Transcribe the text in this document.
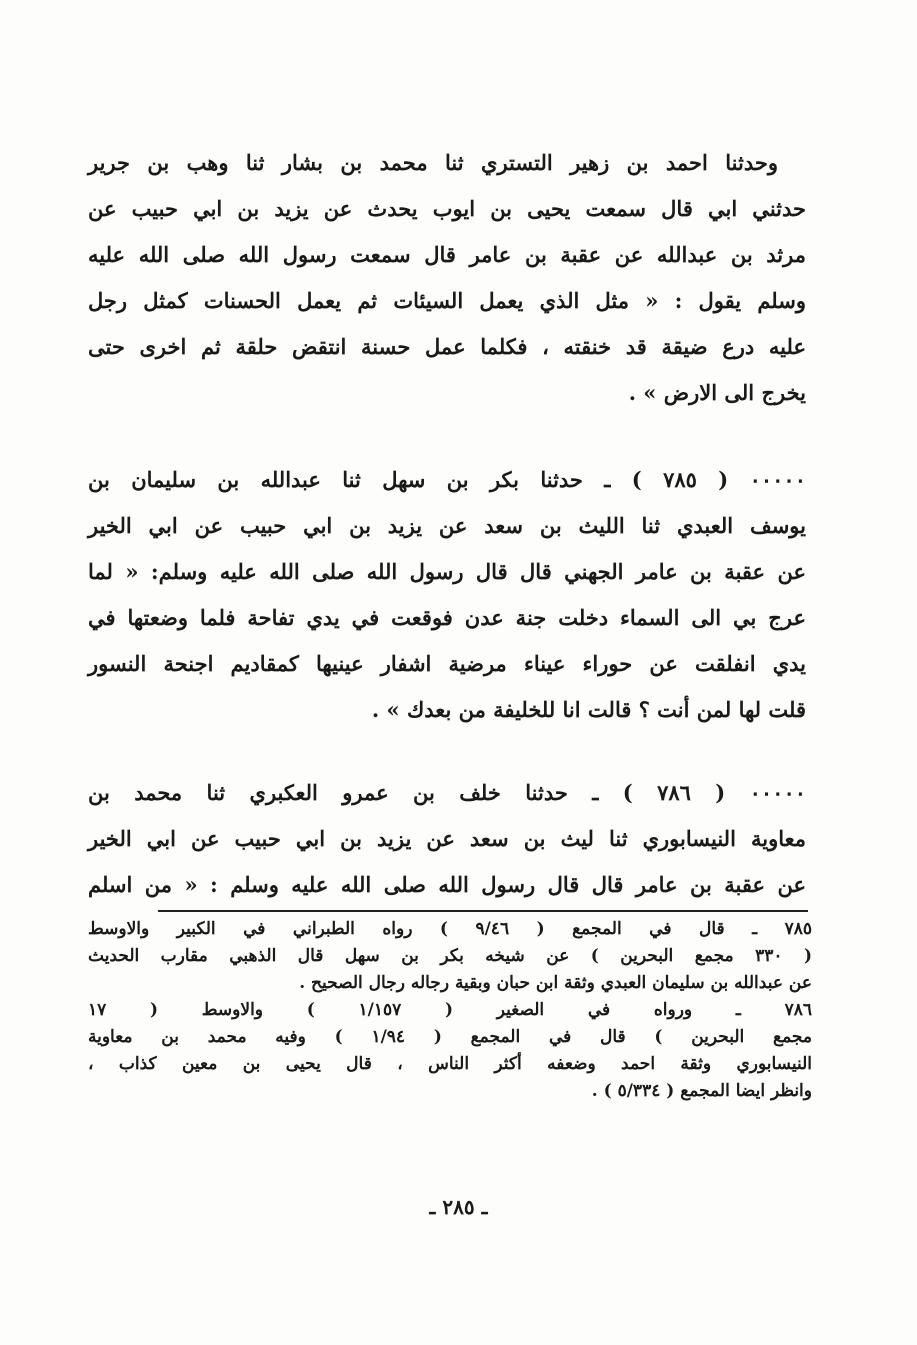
وحدثنا احمد بن زهير التستري ثنا محمد بن بشار ثنا وهب بن جرير
حدثني ابي قال سمعت يحيى بن ايوب يحدث عن يزيد بن ابي حبيب عن
مرثد بن عبدالله عن عقبة بن عامر قال سمعت رسول الله صلى الله عليه
وسلم يقول : « مثل الذي يعمل السيئات ثم يعمل الحسنات كمثل رجل
عليه درع ضيقة قد خنقته ، فكلما عمل حسنة انتقض حلقة ثم اخرى حتى
يخرج الى الارض » .
٠٠٠٠٠ ( ٧٨٥ ) ـ حدثنا بكر بن سهل ثنا عبدالله بن سليمان بن
يوسف العبدي ثنا الليث بن سعد عن يزيد بن ابي حبيب عن ابي الخير
عن عقبة بن عامر الجهني قال قال رسول الله صلى الله عليه وسلم: « لما
عرج بي الى السماء دخلت جنة عدن فوقعت في يدي تفاحة فلما وضعتها في
يدي انفلقت عن حوراء عيناء مرضية اشفار عينيها كمقاديم اجنحة النسور
قلت لها لمن أنت ؟ قالت انا للخليفة من بعدك » .
٠٠٠٠٠ ( ٧٨٦ ) ـ حدثنا خلف بن عمرو العكبري ثنا محمد بن
معاوية النيسابوري ثنا ليث بن سعد عن يزيد بن ابي حبيب عن ابي الخير
عن عقبة بن عامر قال قال رسول الله صلى الله عليه وسلم : « من اسلم
٧٨٥ ـ قال في المجمع ( ٩/٤٦ ) رواه الطبراني في الكبير والاوسط
( ٣٣٠ مجمع البحرين ) عن شيخه بكر بن سهل قال الذهبي مقارب الحديث
عن عبدالله بن سليمان العبدي وثقة ابن حبان وبقية رجاله رجال الصحيح .
٧٨٦ ـ ورواه في الصغير ( ١/١٥٧ ) والاوسط ( ١٧
مجمع البحرين ) قال في المجمع ( ١/٩٤ ) وفيه محمد بن معاوية
النيسابوري وثقة احمد وضعفه أكثر الناس ، قال يحيى بن معين كذاب ،
وانظر ايضا المجمع ( ٥/٣٣٤ ) .
ـ ٢٨٥ ـ
